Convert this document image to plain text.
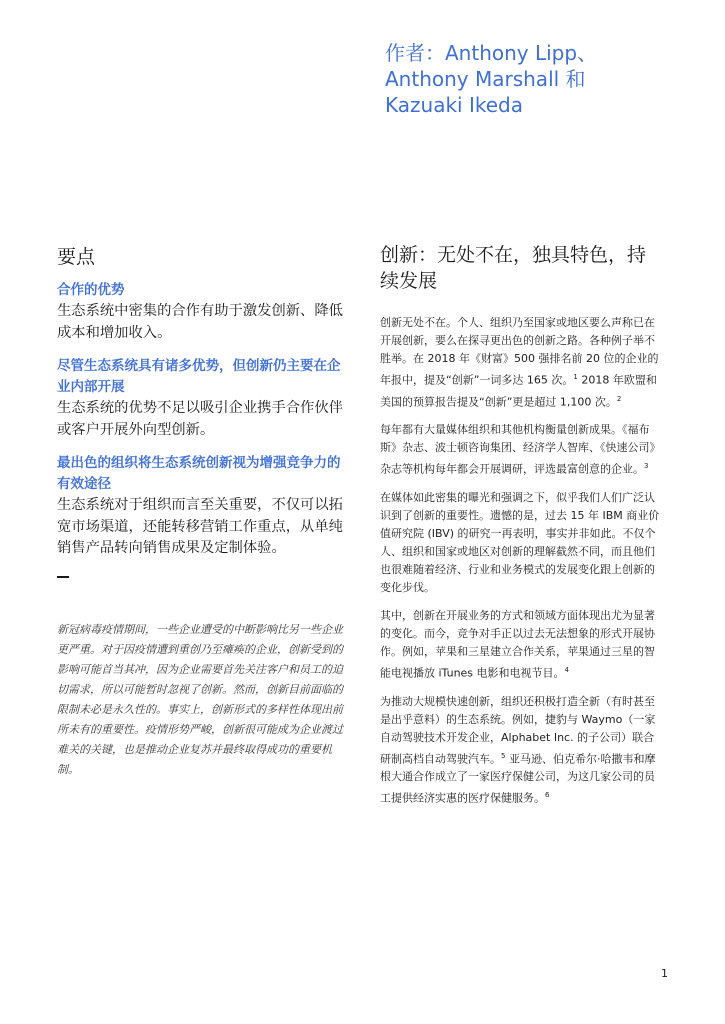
作者：Anthony Lipp、
Anthony Marshall 和
Kazuaki Ikeda
要点

合作的优势

生态系统中密集的合作有助于激发创新、降低成本和增加收入。

尽管生态系统具有诸多优势，但创新仍主要在企业内部开展

生态系统的优势不足以吸引企业携手合作伙伴或客户开展外向型创新。

最出色的组织将生态系统创新视为增强竞争力的有效途径

生态系统对于组织而言至关重要，不仅可以拓宽市场渠道，还能转移营销工作重点，从单纯销售产品转向销售成果及定制体验。

新冠病毒疫情期间，一些企业遭受的中断影响比另一些企业更严重。对于因疫情遭到重创乃至瘫痪的企业，创新受到的影响可能首当其冲，因为企业需要首先关注客户和员工的迫切需求，所以可能暂时忽视了创新。然而，创新目前面临的限制未必是永久性的。事实上，创新形式的多样性体现出前所未有的重要性。疫情形势严峻，创新很可能成为企业渡过难关的关键，也是推动企业复苏并最终取得成功的重要机制。
创新：无处不在，独具特色，持续发展

创新无处不在。个人、组织乃至国家或地区要么声称已在开展创新，要么在探寻更出色的创新之路。各种例子举不胜举。在 2018 年《财富》500 强排名前 20 位的企业的年报中，提及“创新”一词多达 165 次。$^1$ 2018 年欧盟和美国的预算报告提及“创新”更是超过 1,100 次。$^2$

每年都有大量媒体组织和其他机构衡量创新成果。《福布斯》杂志、波士顿咨询集团、经济学人智库、《快速公司》杂志等机构每年都会开展调研，评选最富创意的企业。$^3$

在媒体如此密集的曝光和强调之下，似乎我们人们广泛认识到了创新的重要性。遗憾的是，过去 15 年 IBM 商业价值研究院 (IBV) 的研究一再表明，事实并非如此。不仅个人、组织和国家或地区对创新的理解截然不同，而且他们也很难随着经济、行业和业务模式的发展变化跟上创新的变化步伐。

其中，创新在开展业务的方式和领域方面体现出尤为显著的变化。而今，竞争对手正以过去无法想象的形式开展协作。例如，苹果和三星建立合作关系，苹果通过三星的智能电视播放 iTunes 电影和电视节目。$^4$

为推动大规模快速创新，组织还积极打造全新（有时甚至是出乎意料）的生态系统。例如，捷豹与 Waymo（一家自动驾驶技术开发企业，Alphabet Inc. 的子公司）联合研制高档自动驾驶汽车。$^5$ 亚马逊、伯克希尔·哈撒韦和摩根大通合作成立了一家医疗保健公司，为这几家公司的员工提供经济实惠的医疗保健服务。$^6$

1
